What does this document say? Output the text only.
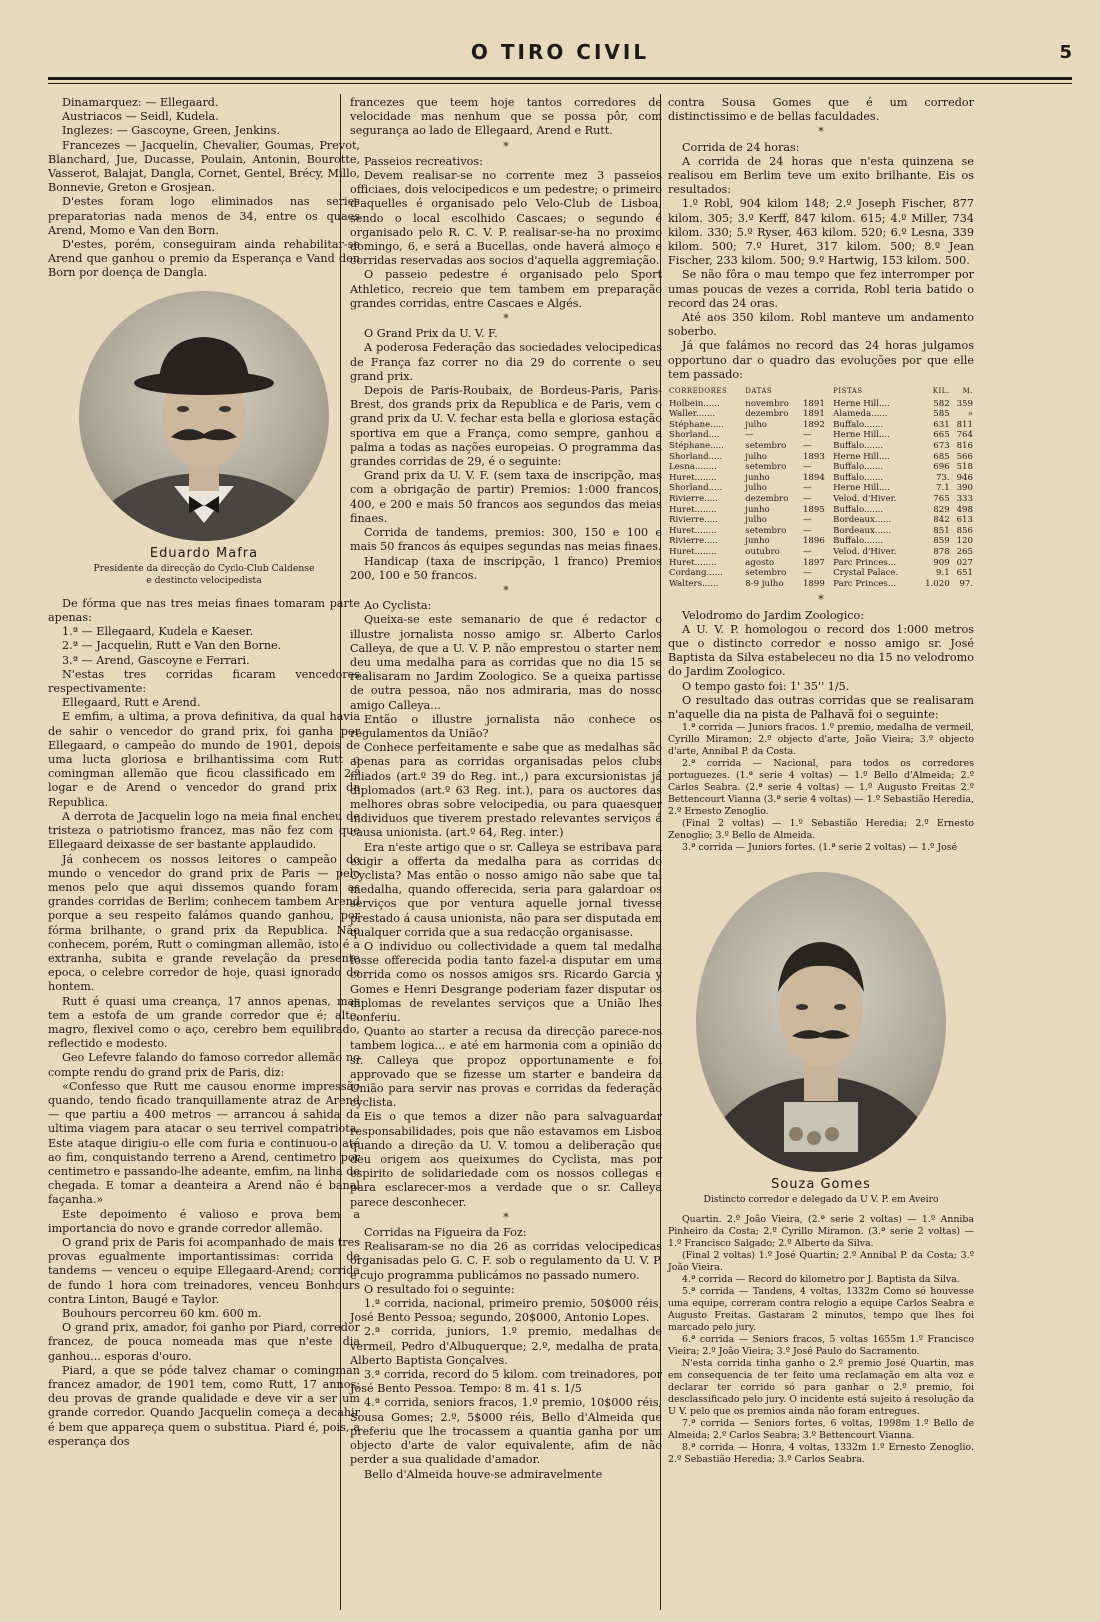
O TIRO CIVIL	5

Dinamarquez: — Ellegaard.

Austriacos — Seidl, Kudela.

Inglezes: — Gascoyne, Green, Jenkins.

Francezes — Jacquelin, Chevalier, Goumas, Prevot, Blanchard, Jue, Ducasse, Poulain, Antonin, Bourotte, Vasserot, Balajat, Dangla, Cornet, Gentel, Brécy, Millo, Bonnevie, Greton e Grosjean.

D'estes foram logo eliminados nas series preparatorias nada menos de 34, entre os quaes Arend, Momo e Van den Born.

D'estes, porém, conseguiram ainda rehabilitar-se Arend que ganhou o premio da Esperança e Vand den Born por doença de Dangla.

Eduardo Mafra
Presidente da direcção do Cyclo-Club Caldense
e destincto velocipedista

De fórma que nas tres meias finaes tomaram parte apenas:

1.ª — Ellegaard, Kudela e Kaeser.

2.ª — Jacquelin, Rutt e Van den Borne.

3.ª — Arend, Gascoyne e Ferrari.

N'estas tres corridas ficaram vencedores respectivamente:

Ellegaard, Rutt e Arend.

E emfim, a ultima, a prova definitiva, da qual havia de sahir o vencedor do grand prix, foi ganha por Ellegaard, o campeão do mundo de 1901, depois de uma lucta gloriosa e brilhantissima com Rutt o comingman allemão que ficou classificado em 2.º logar e de Arend o vencedor do grand prix da Republica.

A derrota de Jacquelin logo na meia final encheu de tristeza o patriotismo francez, mas não fez com que Ellegaard deixasse de ser bastante applaudido.

Já conhecem os nossos leitores o campeão do mundo o vencedor do grand prix de Paris — pelo menos pelo que aqui dissemos quando foram as grandes corridas de Berlim; conhecem tambem Arend porque a seu respeito falámos quando ganhou, por fórma brilhante, o grand prix da Republica. Não conhecem, porém, Rutt o comingman allemão, isto é a extranha, subita e grande revelação da presente epoca, o celebre corredor de hoje, quasi ignorado de hontem.

Rutt é quasi uma creança, 17 annos apenas, mas tem a estofa de um grande corredor que é; alto, magro, flexivel como o aço, cerebro bem equilibrado, reflectido e modesto.

Geo Lefevre falando do famoso corredor allemão no compte rendu do grand prix de Paris, diz:

«Confesso que Rutt me causou enorme impressão quando, tendo ficado tranquillamente atraz de Arend — que partiu a 400 metros — arrancou á sahida da ultima viagem para atacar o seu terrivel compatriota. Este ataque dirigiu-o elle com furia e continuou-o até ao fim, conquistando terreno a Arend, centimetro por centimetro e passando-lhe adeante, emfim, na linha de chegada. E tomar a deanteira a Arend não é banal façanha.»

Este depoimento é valioso e prova bem a importancia do novo e grande corredor allemão.

O grand prix de Paris foi acompanhado de mais tres provas egualmente importantissimas: corrida de tandems — venceu o equipe Ellegaard-Arend; corrida de fundo 1 hora com treinadores, venceu Bonhours contra Linton, Baugé e Taylor.

Bouhours percorreu 60 km. 600 m.

O grand prix, amador, foi ganho por Piard, corredor francez, de pouca nomeada mas que n'este dia ganhou... esporas d'ouro.

Piard, a que se póde talvez chamar o comingman francez amador, de 1901 tem, como Rutt, 17 annos; deu provas de grande qualidade e deve vir a ser um grande corredor. Quando Jacquelin começa a decahir é bem que appareça quem o substitua. Piard é, pois, a esperança dos

francezes que teem hoje tantos corredores de velocidade mas nenhum que se possa pôr, com segurança ao lado de Ellegaard, Arend e Rutt.

*

Passeios recreativos:

Devem realisar-se no corrente mez 3 passeios officiaes, dois velocipedicos e um pedestre; o primeiro d'aquelles é organisado pelo Velo-Club de Lisboa, sendo o local escolhido Cascaes; o segundo é organisado pelo R. C. V. P. realisar-se-ha no proximo domingo, 6, e será a Bucellas, onde haverá almoço e corridas reservadas aos socios d'aquella aggremiação.

O passeio pedestre é organisado pelo Sport Athletico, recreio que tem tambem em preparação grandes corridas, entre Cascaes e Algés.

*

O Grand Prix da U. V. F.

A poderosa Federação das sociedades velocipedicas de França faz correr no dia 29 do corrente o seu grand prix.

Depois de Paris-Roubaix, de Bordeus-Paris, Paris-Brest, dos grands prix da Republica e de Paris, vem o grand prix da U. V. fechar esta bella e gloriosa estação sportiva em que a França, como sempre, ganhou a palma a todas as nações europeias. O programma das grandes corridas de 29, é o seguinte:

Grand prix da U. V. F. (sem taxa de inscripção, mas com a obrigação de partir) Premios: 1:000 francos, 400, e 200 e mais 50 francos aos segundos das meias finaes.

Corrida de tandems, premios: 300, 150 e 100 e mais 50 francos ás equipes segundas nas meias finaes.

Handicap (taxa de inscripção, 1 franco) Premios 200, 100 e 50 francos.

*

Ao Cyclista:

Queixa-se este semanario de que é redactor o illustre jornalista nosso amigo sr. Alberto Carlos Calleya, de que a U. V. P. não emprestou o starter nem deu uma medalha para as corridas que no dia 15 se realisaram no Jardim Zoologico. Se a queixa partisse de outra pessoa, não nos admiraria, mas do nosso amigo Calleya...

Então o illustre jornalista não conhece os regulamentos da União?

Conhece perfeitamente e sabe que as medalhas são apenas para as corridas organisadas pelos clubs filiados (art.º 39 do Reg. int.,) para excursionistas já diplomados (art.º 63 Reg. int.), para os auctores das melhores obras sobre velocipedia, ou para quaesquer individuos que tiverem prestado relevantes serviços á causa unionista. (art.º 64, Reg. inter.)

Era n'este artigo que o sr. Calleya se estribava para exigir a offerta da medalha para as corridas do Cyclista? Mas então o nosso amigo não sabe que tal medalha, quando offerecida, seria para galardoar os serviços que por ventura aquelle jornal tivesse prestado á causa unionista, não para ser disputada em qualquer corrida que a sua redacção organisasse.

O individuo ou collectividade a quem tal medalha fosse offerecida podia tanto fazel-a disputar em uma corrida como os nossos amigos srs. Ricardo Garcia y Gomes e Henri Desgrange poderiam fazer disputar os diplomas de revelantes serviços que a União lhes conferiu.

Quanto ao starter a recusa da direcção parece-nos tambem logica... e até em harmonia com a opinião do sr. Calleya que propoz opportunamente e foi approvado que se fizesse um starter e bandeira da União para servir nas provas e corridas da federação cyclista.

Eis o que temos a dizer não para salvaguardar responsabilidades, pois que não estavamos em Lisboa quando a direção da U. V. tomou a deliberação que deu origem aos queixumes do Cyclista, mas por espirito de solidariedade com os nossos collegas e para esclarecer-mos a verdade que o sr. Calleya parece desconhecer.

*

Corridas na Figueira da Foz:

Realisaram-se no dia 26 as corridas velocipedicas organisadas pelo G. C. F. sob o regulamento da U. V. P. e cujo programma publicámos no passado numero.

O resultado foi o seguinte:

1.ª corrida, nacional, primeiro premio, 50$000 réis, José Bento Pessoa; segundo, 20$000, Antonio Lopes.

2.ª corrida, juniors, 1.º premio, medalhas de vermeil, Pedro d'Albuquerque; 2.º, medalha de prata, Alberto Baptista Gonçalves.

3.ª corrida, record do 5 kilom. com treinadores, por José Bento Pessoa. Tempo: 8 m. 41 s. 1/5

4.ª corrida, seniors fracos, 1.º premio, 10$000 réis, Sousa Gomes; 2.º, 5$000 réis, Bello d'Almeida que preferiu que lhe trocassem a quantia ganha por um objecto d'arte de valor equivalente, afim de não perder a sua qualidade d'amador.

Bello d'Almeida houve-se admiravelmente

contra Sousa Gomes que é um corredor distinctissimo e de bellas faculdades.

*

Corrida de 24 horas:

A corrida de 24 horas que n'esta quinzena se realisou em Berlim teve um exito brilhante. Eis os resultados:

1.º Robl, 904 kilom 148; 2.º Joseph Fischer, 877 kilom. 305; 3.º Kerff, 847 kilom. 615; 4.º Miller, 734 kilom. 330; 5.º Ryser, 463 kilom. 520; 6.º Lesna, 339 kilom. 500; 7.º Huret, 317 kilom. 500; 8.º Jean Fischer, 233 kilom. 500; 9.º Hartwig, 153 kilom. 500.

Se não fôra o mau tempo que fez interromper por umas poucas de vezes a corrida, Robl teria batido o record das 24 oras.

Até aos 350 kilom. Robl manteve um andamento soberbo.

Já que falámos no record das 24 horas julgamos opportuno dar o quadro das evoluções por que elle tem passado:

CORREDORES	DATAS		PISTAS	KIL.	M.
Holbein......	novembro	1891	Herne Hill....	582	359
Waller.......	dezembro	1891	Alameda......	585	»
Stéphane.....	julho	1892	Buffalo.......	631	811
Shorland....	—	—	Herne Hill....	665	764
Stéphane.....	setembro	—	Buffalo.......	673	816
Shorland.....	julho	1893	Herne Hill....	685	566
Lesna........	setembro	—	Buffalo.......	696	518
Huret........	junho	1894	Buffalo.......	73.	946
Shorland.....	julho	—	Herne Hill....	7.1	390
Rivierre.....	dezembro	—	Velod. d'Hiver.	765	333
Huret........	junho	1895	Buffalo.......	829	498
Rivierre.....	julho	—	Bordeaux......	842	613
Huret........	setembro	—	Bordeaux......	851	856
Rivierre.....	junho	1896	Buffalo.......	859	120
Huret........	outubro	—	Velod. d'Hiver.	878	265
Huret........	agosto	1897	Parc Princes...	909	027
Cordang......	setembro	—	Crystal Palace.	9.1	651
Walters......	8-9 julho	1899	Parc Princes...	1.020	97.
*

Velodromo do Jardim Zoologico:

A U. V. P. homologou o record dos 1:000 metros que o distincto corredor e nosso amigo sr. José Baptista da Silva estabeleceu no dia 15 no velodromo do Jardim Zoologico.

O tempo gasto foi: 1' 35'' 1/5.

O resultado das outras corridas que se realisaram n'aquelle dia na pista de Palhavã foi o seguinte:

1.ª corrida — Juniors fracos. 1.º premio, medalha de vermeil, Cyrillo Miramon; 2.º objecto d'arte, João Vieira; 3.º objecto d'arte, Annibal P. da Costa.

2.ª corrida — Nacional, para todos os corredores portuguezes. (1.ª serie 4 voltas) — 1.º Bello d'Almeida; 2.º Carlos Seabra. (2.ª serie 4 voltas) — 1.º Augusto Freitas 2.º Bettencourt Vianna (3.ª serie 4 voltas) — 1.º Sebastião Heredia, 2.º Ernesto Zenoglio.

(Final 2 voltas) — 1.º Sebastião Heredia; 2.º Ernesto Zenoglio; 3.º Bello de Almeida.

3.ª corrida — Juniors fortes. (1.ª serie 2 voltas) — 1.º José

Souza Gomes
Distincto corredor e delegado da U V. P. em Aveiro

Quartin. 2.º João Vieira, (2.ª serie 2 voltas) — 1.º Anniba Pinheiro da Costa; 2.º Cyrillo Miramon. (3.ª serie 2 voltas) — 1.º Francisco Salgado; 2.º Alberto da Silva.

(Final 2 voltas) 1.º José Quartin; 2.º Annibal P. da Costa; 3.º João Vieira.

4.ª corrida — Record do kilometro por J. Baptista da Silva.

5.ª corrida — Tandens, 4 voltas, 1332m Como só houvesse uma equipe, correram contra relogio a equipe Carlos Seabra e Augusto Freitas. Gastaram 2 minutos, tempo que lhes foi marcado pelo jury.

6.ª corrida — Seniors fracos, 5 voltas 1655m 1.º Francisco Vieira; 2.º João Vieira; 3.º José Paulo do Sacramento.

N'esta corrida tinha ganho o 2.º premio José Quartin, mas em consequencia de ter feito uma reclamação em alta voz e declarar ter corrido só para ganhar o 2.º premio, foi desclassificado pelo jury. O incidente está sujeito á resolução da U V. pelo que os premios ainda não foram entregues.

7.ª corrida — Seniors fortes, 6 voltas, 1998m 1.º Bello de Almeida; 2.º Carlos Seabra; 3.º Bettencourt Vianna.

8.ª corrida — Honra, 4 voltas, 1332m 1.º Ernesto Zenoglio. 2.º Sebastião Heredia; 3.º Carlos Seabra.
